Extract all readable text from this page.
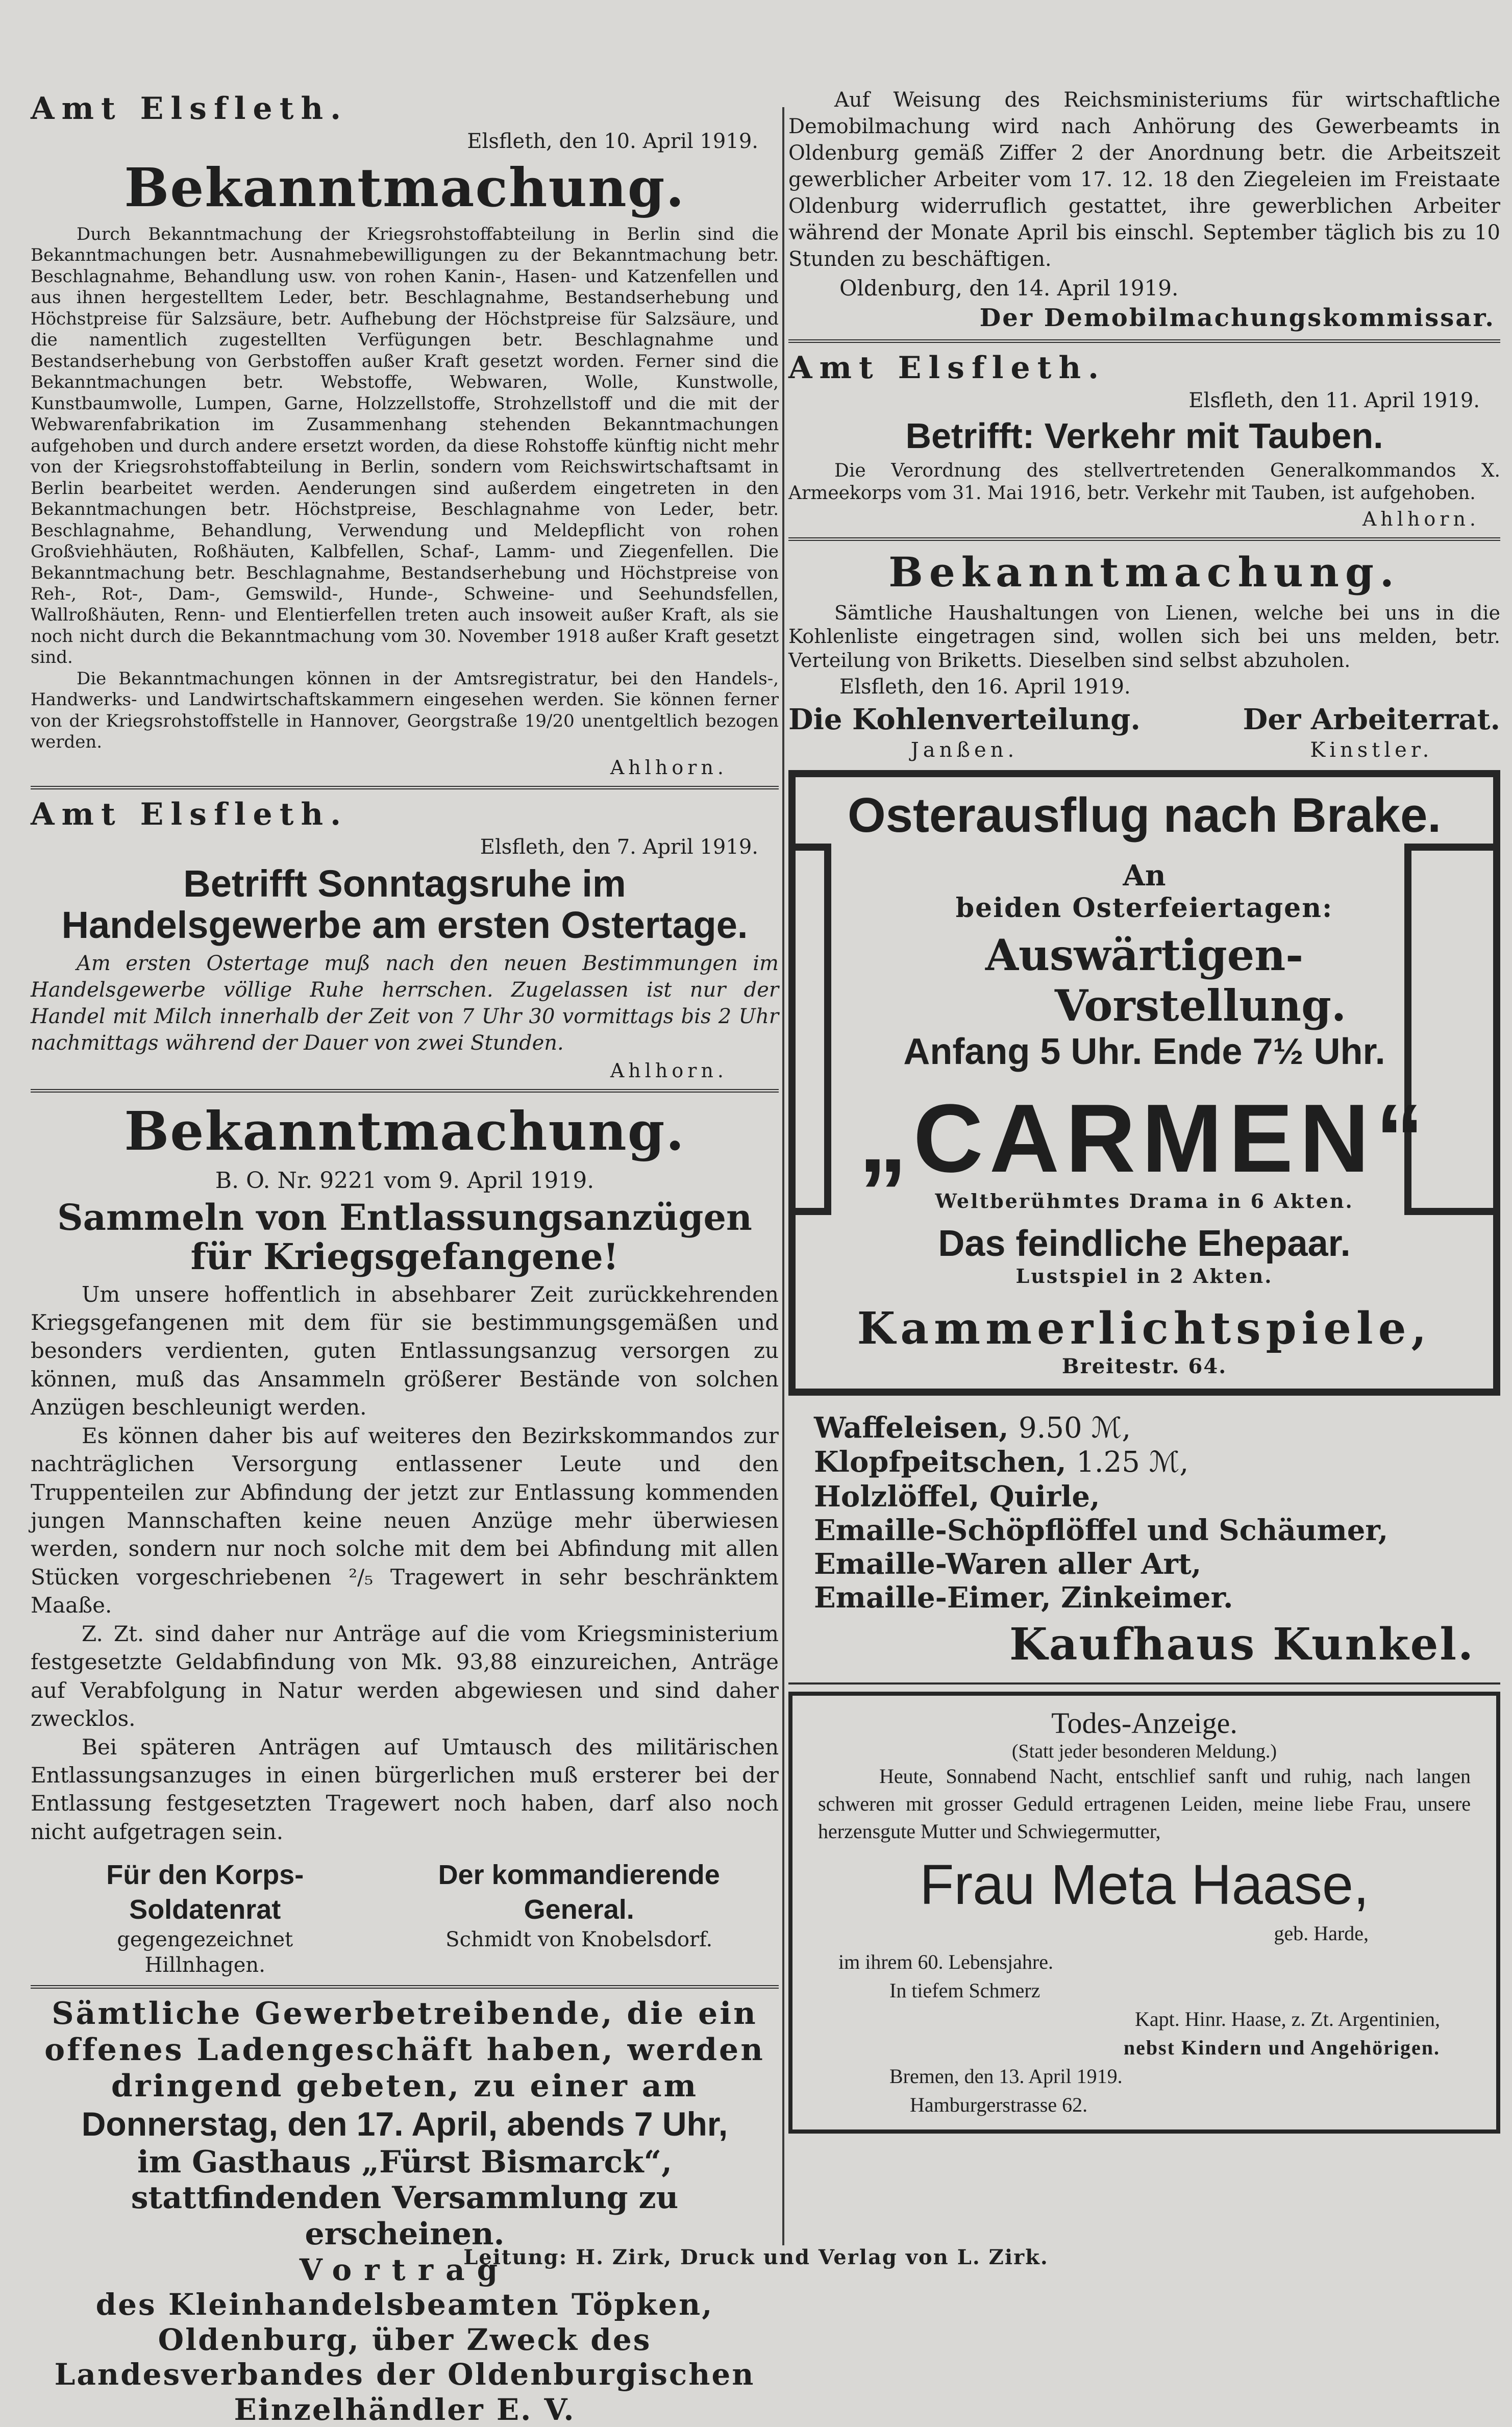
Amt Elsfleth.
Elsfleth, den 10. April 1919.
Bekanntmachung.

Durch Bekanntmachung der Kriegsrohstoffabteilung in Berlin sind die Bekanntmachungen betr. Ausnahmebewilligungen zu der Bekanntmachung betr. Beschlagnahme, Behandlung usw. von rohen Kanin-, Hasen- und Katzenfellen und aus ihnen hergestelltem Leder, betr. Beschlagnahme, Bestandserhebung und Höchstpreise für Salzsäure, betr. Aufhebung der Höchstpreise für Salzsäure, und die namentlich zugestellten Verfügungen betr. Beschlagnahme und Bestandserhebung von Gerbstoffen außer Kraft gesetzt worden. Ferner sind die Bekanntmachungen betr. Webstoffe, Webwaren, Wolle, Kunstwolle, Kunstbaumwolle, Lumpen, Garne, Holzzellstoffe, Strohzellstoff und die mit der Webwarenfabrikation im Zusammenhang stehenden Bekanntmachungen aufgehoben und durch andere ersetzt worden, da diese Rohstoffe künftig nicht mehr von der Kriegsrohstoffabteilung in Berlin, sondern vom Reichswirtschaftsamt in Berlin bearbeitet werden. Aenderungen sind außerdem eingetreten in den Bekanntmachungen betr. Höchstpreise, Beschlagnahme von Leder, betr. Beschlagnahme, Behandlung, Verwendung und Meldepflicht von rohen Großviehhäuten, Roßhäuten, Kalbfellen, Schaf-, Lamm- und Ziegenfellen. Die Bekanntmachung betr. Beschlagnahme, Bestandserhebung und Höchstpreise von Reh-, Rot-, Dam-, Gemswild-, Hunde-, Schweine- und Seehundsfellen, Wallroßhäuten, Renn- und Elentierfellen treten auch insoweit außer Kraft, als sie noch nicht durch die Bekanntmachung vom 30. November 1918 außer Kraft gesetzt sind.

Die Bekanntmachungen können in der Amtsregistratur, bei den Handels-, Handwerks- und Landwirtschaftskammern eingesehen werden. Sie können ferner von der Kriegsrohstoffstelle in Hannover, Georgstraße 19/20 unentgeltlich bezogen werden.

Ahlhorn.
Amt Elsfleth.
Elsfleth, den 7. April 1919.
Betrifft Sonntagsruhe im Handelsgewerbe am ersten Ostertage.

Am ersten Ostertage muß nach den neuen Bestimmungen im Handelsgewerbe völlige Ruhe herrschen. Zugelassen ist nur der Handel mit Milch innerhalb der Zeit von 7 Uhr 30 vormittags bis 2 Uhr nachmittags während der Dauer von zwei Stunden.

Ahlhorn.
Bekanntmachung.
B. O. Nr. 9221 vom 9. April 1919.
Sammeln von Entlassungsanzügen für Kriegsgefangene!

Um unsere hoffentlich in absehbarer Zeit zurückkehrenden Kriegsgefangenen mit dem für sie bestimmungsgemäßen und besonders verdienten, guten Entlassungsanzug versorgen zu können, muß das Ansammeln größerer Bestände von solchen Anzügen beschleunigt werden.

Es können daher bis auf weiteres den Bezirkskommandos zur nachträglichen Versorgung entlassener Leute und den Truppenteilen zur Abfindung der jetzt zur Entlassung kommenden jungen Mannschaften keine neuen Anzüge mehr überwiesen werden, sondern nur noch solche mit dem bei Abfindung mit allen Stücken vorgeschriebenen ²/₅ Tragewert in sehr beschränktem Maaße.

Z. Zt. sind daher nur Anträge auf die vom Kriegsministerium festgesetzte Geldabfindung von Mk. 93,88 einzureichen, Anträge auf Verabfolgung in Natur werden abgewiesen und sind daher zwecklos.

Bei späteren Anträgen auf Umtausch des militärischen Entlassungsanzuges in einen bürgerlichen muß ersterer bei der Entlassung festgesetzten Tragewert noch haben, darf also noch nicht aufgetragen sein.

Für den Korps-Soldatenrat
gegengezeichnet
Hillnhagen.
Der kommandierende General.
Schmidt von Knobelsdorf.
Sämtliche Gewerbetreibende, die ein offenes Ladengeschäft haben, werden dringend gebeten, zu einer am
Donnerstag, den 17. April, abends 7 Uhr,
im Gasthaus „Fürst Bismarck“,
stattfindenden Versammlung zu erscheinen.
Vortrag
des Kleinhandelsbeamten Töpken, Oldenburg, über Zweck des Landesverbandes der Oldenburgischen Einzelhändler E. V.

Auf Weisung des Reichsministeriums für wirtschaftliche Demobilmachung wird nach Anhörung des Gewerbeamts in Oldenburg gemäß Ziffer 2 der Anordnung betr. die Arbeitszeit gewerblicher Arbeiter vom 17. 12. 18 den Ziegeleien im Freistaate Oldenburg widerruflich gestattet, ihre gewerblichen Arbeiter während der Monate April bis einschl. September täglich bis zu 10 Stunden zu beschäftigen.

Oldenburg, den 14. April 1919.
Der Demobilmachungskommissar.
Amt Elsfleth.
Elsfleth, den 11. April 1919.
Betrifft: Verkehr mit Tauben.

Die Verordnung des stellvertretenden Generalkommandos X. Armeekorps vom 31. Mai 1916, betr. Verkehr mit Tauben, ist aufgehoben.

Ahlhorn.
Bekanntmachung.

Sämtliche Haushaltungen von Lienen, welche bei uns in die Kohlenliste eingetragen sind, wollen sich bei uns melden, betr. Verteilung von Briketts. Dieselben sind selbst abzuholen.

Elsfleth, den 16. April 1919.
Die Kohlenverteilung.
Janßen.
Der Arbeiterrat.
Kinstler.
Osterausflug nach Brake.
An
beiden Osterfeiertagen:
Auswärtigen-
Vorstellung.
Anfang 5 Uhr. Ende 7½ Uhr.
„CARMEN“
Weltberühmtes Drama in 6 Akten.
Das feindliche Ehepaar.
Lustspiel in 2 Akten.
Kammerlichtspiele,
Breitestr. 64.
Waffeleisen, 9.50 ℳ,
Klopfpeitschen, 1.25 ℳ,
Holzlöffel, Quirle,
Emaille-Schöpflöffel und Schäumer,
Emaille-Waren aller Art,
Emaille-Eimer, Zinkeimer.
Kaufhaus Kunkel.
Todes-Anzeige.
(Statt jeder besonderen Meldung.)

Heute, Sonnabend Nacht, entschlief sanft und ruhig, nach langen schweren mit grosser Geduld ertragenen Leiden, meine liebe Frau, unsere herzensgute Mutter und Schwiegermutter,

Frau Meta Haase,
geb. Harde,
im ihrem 60. Lebensjahre.
In tiefem Schmerz
Kapt. Hinr. Haase, z. Zt. Argentinien,
nebst Kindern und Angehörigen.
Bremen, den 13. April 1919.
Hamburgerstrasse 62.
Leitung: H. Zirk, Druck und Verlag von L. Zirk.
